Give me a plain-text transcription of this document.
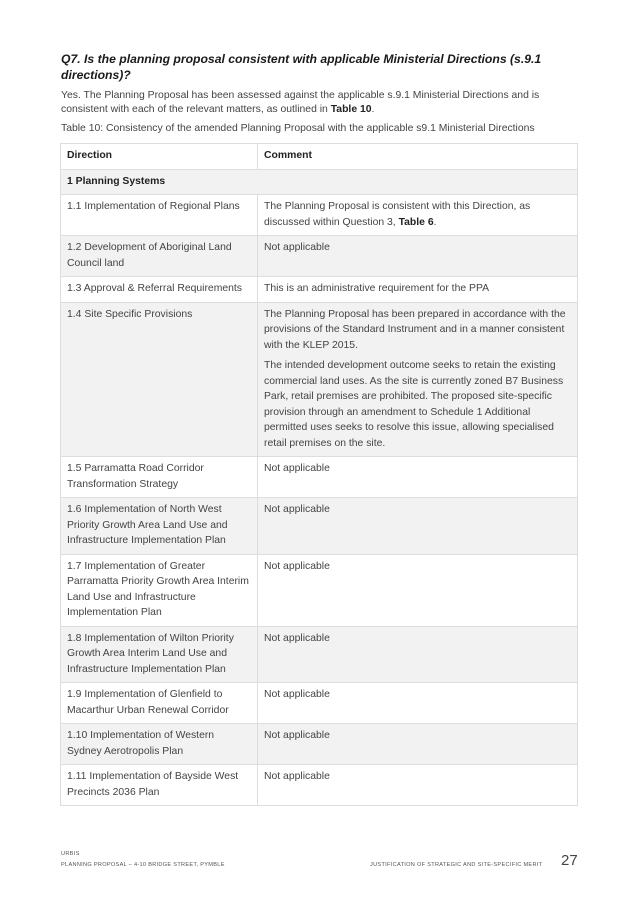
Q7. Is the planning proposal consistent with applicable Ministerial Directions (s.9.1 directions)?

Yes. The Planning Proposal has been assessed against the applicable s.9.1 Ministerial Directions and is consistent with each of the relevant matters, as outlined in Table 10.

Table 10: Consistency of the amended Planning Proposal with the applicable s9.1 Ministerial Directions

Direction	Comment
1 Planning Systems	
1.1 Implementation of Regional Plans	The Planning Proposal is consistent with this Direction, as discussed within Question 3, Table 6.
1.2 Development of Aboriginal Land Council land	Not applicable
1.3 Approval & Referral Requirements	This is an administrative requirement for the PPA
1.4 Site Specific Provisions	The Planning Proposal has been prepared in accordance with the provisions of the Standard Instrument and in a manner consistent with the KLEP 2015.

The intended development outcome seeks to retain the existing commercial land uses. As the site is currently zoned B7 Business Park, retail premises are prohibited. The proposed site-specific provision through an amendment to Schedule 1 Additional permitted uses seeks to resolve this issue, allowing specialised retail premises on the site.

1.5 Parramatta Road Corridor Transformation Strategy	Not applicable
1.6 Implementation of North West Priority Growth Area Land Use and Infrastructure Implementation Plan	Not applicable
1.7 Implementation of Greater Parramatta Priority Growth Area Interim Land Use and Infrastructure Implementation Plan	Not applicable
1.8 Implementation of Wilton Priority Growth Area Interim Land Use and Infrastructure Implementation Plan	Not applicable
1.9 Implementation of Glenfield to Macarthur Urban Renewal Corridor	Not applicable
1.10 Implementation of Western Sydney Aerotropolis Plan	Not applicable
1.11 Implementation of Bayside West Precincts 2036 Plan	Not applicable
URBIS
PLANNING PROPOSAL – 4-10 BRIDGE STREET, PYMBLE	JUSTIFICATION OF STRATEGIC AND SITE-SPECIFIC MERIT 27
